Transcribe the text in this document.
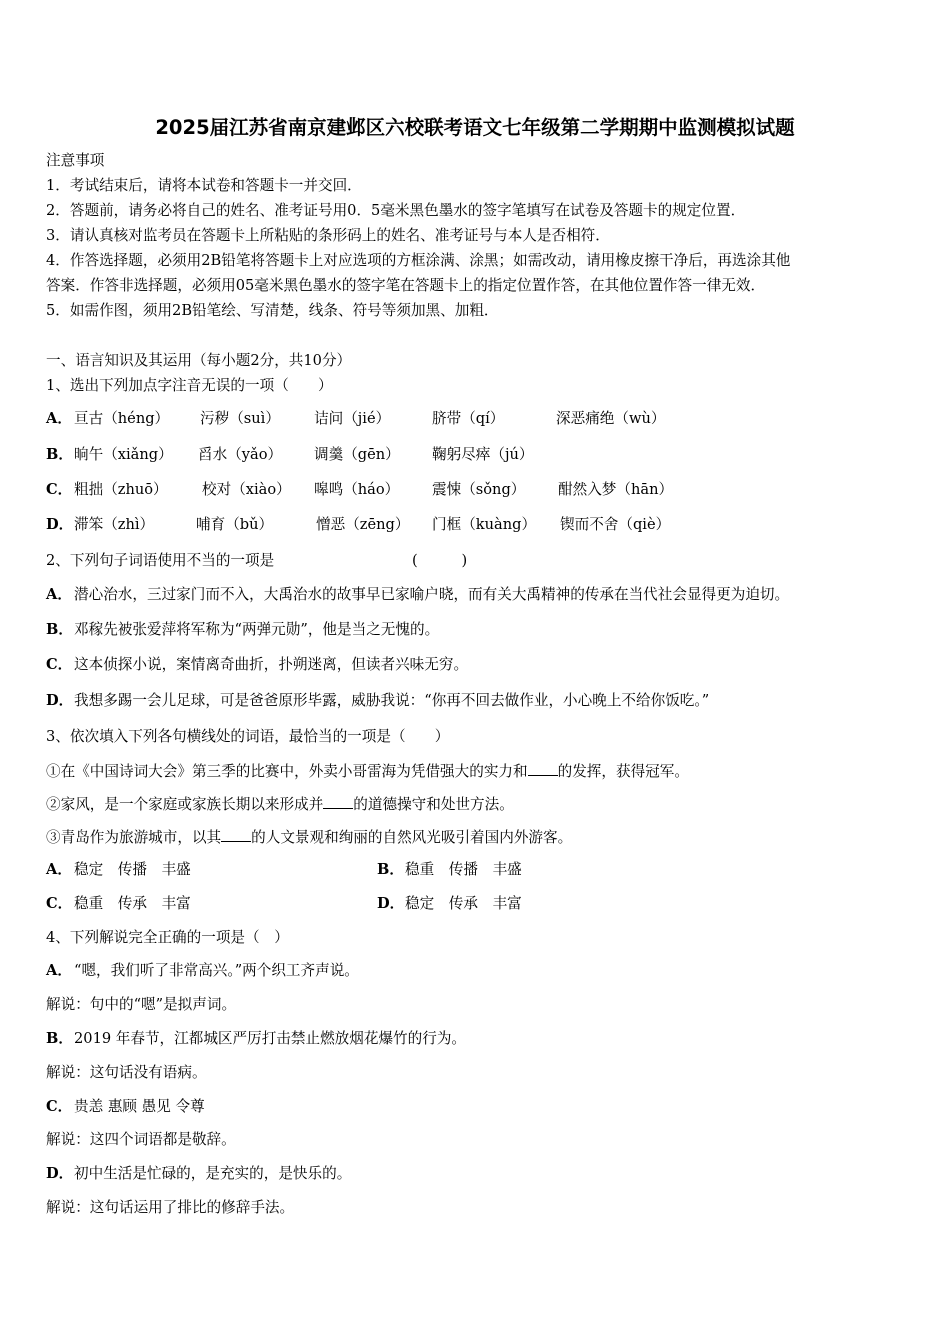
2025届江苏省南京建邺区六校联考语文七年级第二学期期中监测模拟试题
注意事项
1．考试结束后，请将本试卷和答题卡一并交回．
2．答题前，请务必将自己的姓名、准考证号用0．5毫米黑色墨水的签字笔填写在试卷及答题卡的规定位置．
3．请认真核对监考员在答题卡上所粘贴的条形码上的姓名、准考证号与本人是否相符．
4．作答选择题，必须用2B铅笔将答题卡上对应选项的方框涂满、涂黑；如需改动，请用橡皮擦干净后，再选涂其他
答案．作答非选择题，必须用05毫米黑色墨水的签字笔在答题卡上的指定位置作答，在其他位置作答一律无效．
5．如需作图，须用2B铅笔绘、写清楚，线条、符号等须加黑、加粗．
一、语言知识及其运用（每小题2分，共10分）
1、选出下列加点字注音无误的一项（　　）
A． 亘古（héng） 污秽（suì） 诘问（jié）	脐带（qí）	深恶痛绝（wù）
B． 晌午（xiǎng） 舀水（yǎo） 调羹（gēn） 鞠躬尽瘁（jú）
C． 粗拙（zhuō） 校对（xiào） 嗥鸣（háo） 震悚（sǒng） 酣然入梦（hān）
D． 滞笨（zhì）	哺育（bǔ）	憎恶（zēng） 门框（kuàng） 锲而不舍（qiè）
2、下列句子词语使用不当的一项是	(　　　)
A． 潜心治水，三过家门而不入，大禹治水的故事早已家喻户晓，而有关大禹精神的传承在当代社会显得更为迫切。
B． 邓稼先被张爱萍将军称为“两弹元勋”，他是当之无愧的。
C． 这本侦探小说，案情离奇曲折，扑朔迷离，但读者兴味无穷。
D． 我想多踢一会儿足球，可是爸爸原形毕露，威胁我说：“你再不回去做作业，小心晚上不给你饭吃。”
3、依次填入下列各句横线处的词语，最恰当的一项是（　　）
①在《中国诗词大会》第三季的比赛中，外卖小哥雷海为凭借强大的实力和 的发挥，获得冠军。
②家风，是一个家庭或家族长期以来形成并 的道德操守和处世方法。
③青岛作为旅游城市，以其 的人文景观和绚丽的自然风光吸引着国内外游客。
A． 稳定　传播　丰盛	B． 稳重　传播　丰盛
C． 稳重　传承　丰富	D． 稳定　传承　丰富
4、下列解说完全正确的一项是（　）
A． “嗯，我们听了非常高兴。”两个织工齐声说。
解说：句中的“嗯”是拟声词。
B． 2019 年春节，江都城区严厉打击禁止燃放烟花爆竹的行为。
解说：这句话没有语病。
C． 贵恙 惠顾 愚见 令尊
解说：这四个词语都是敬辞。
D． 初中生活是忙碌的，是充实的，是快乐的。
解说：这句话运用了排比的修辞手法。
